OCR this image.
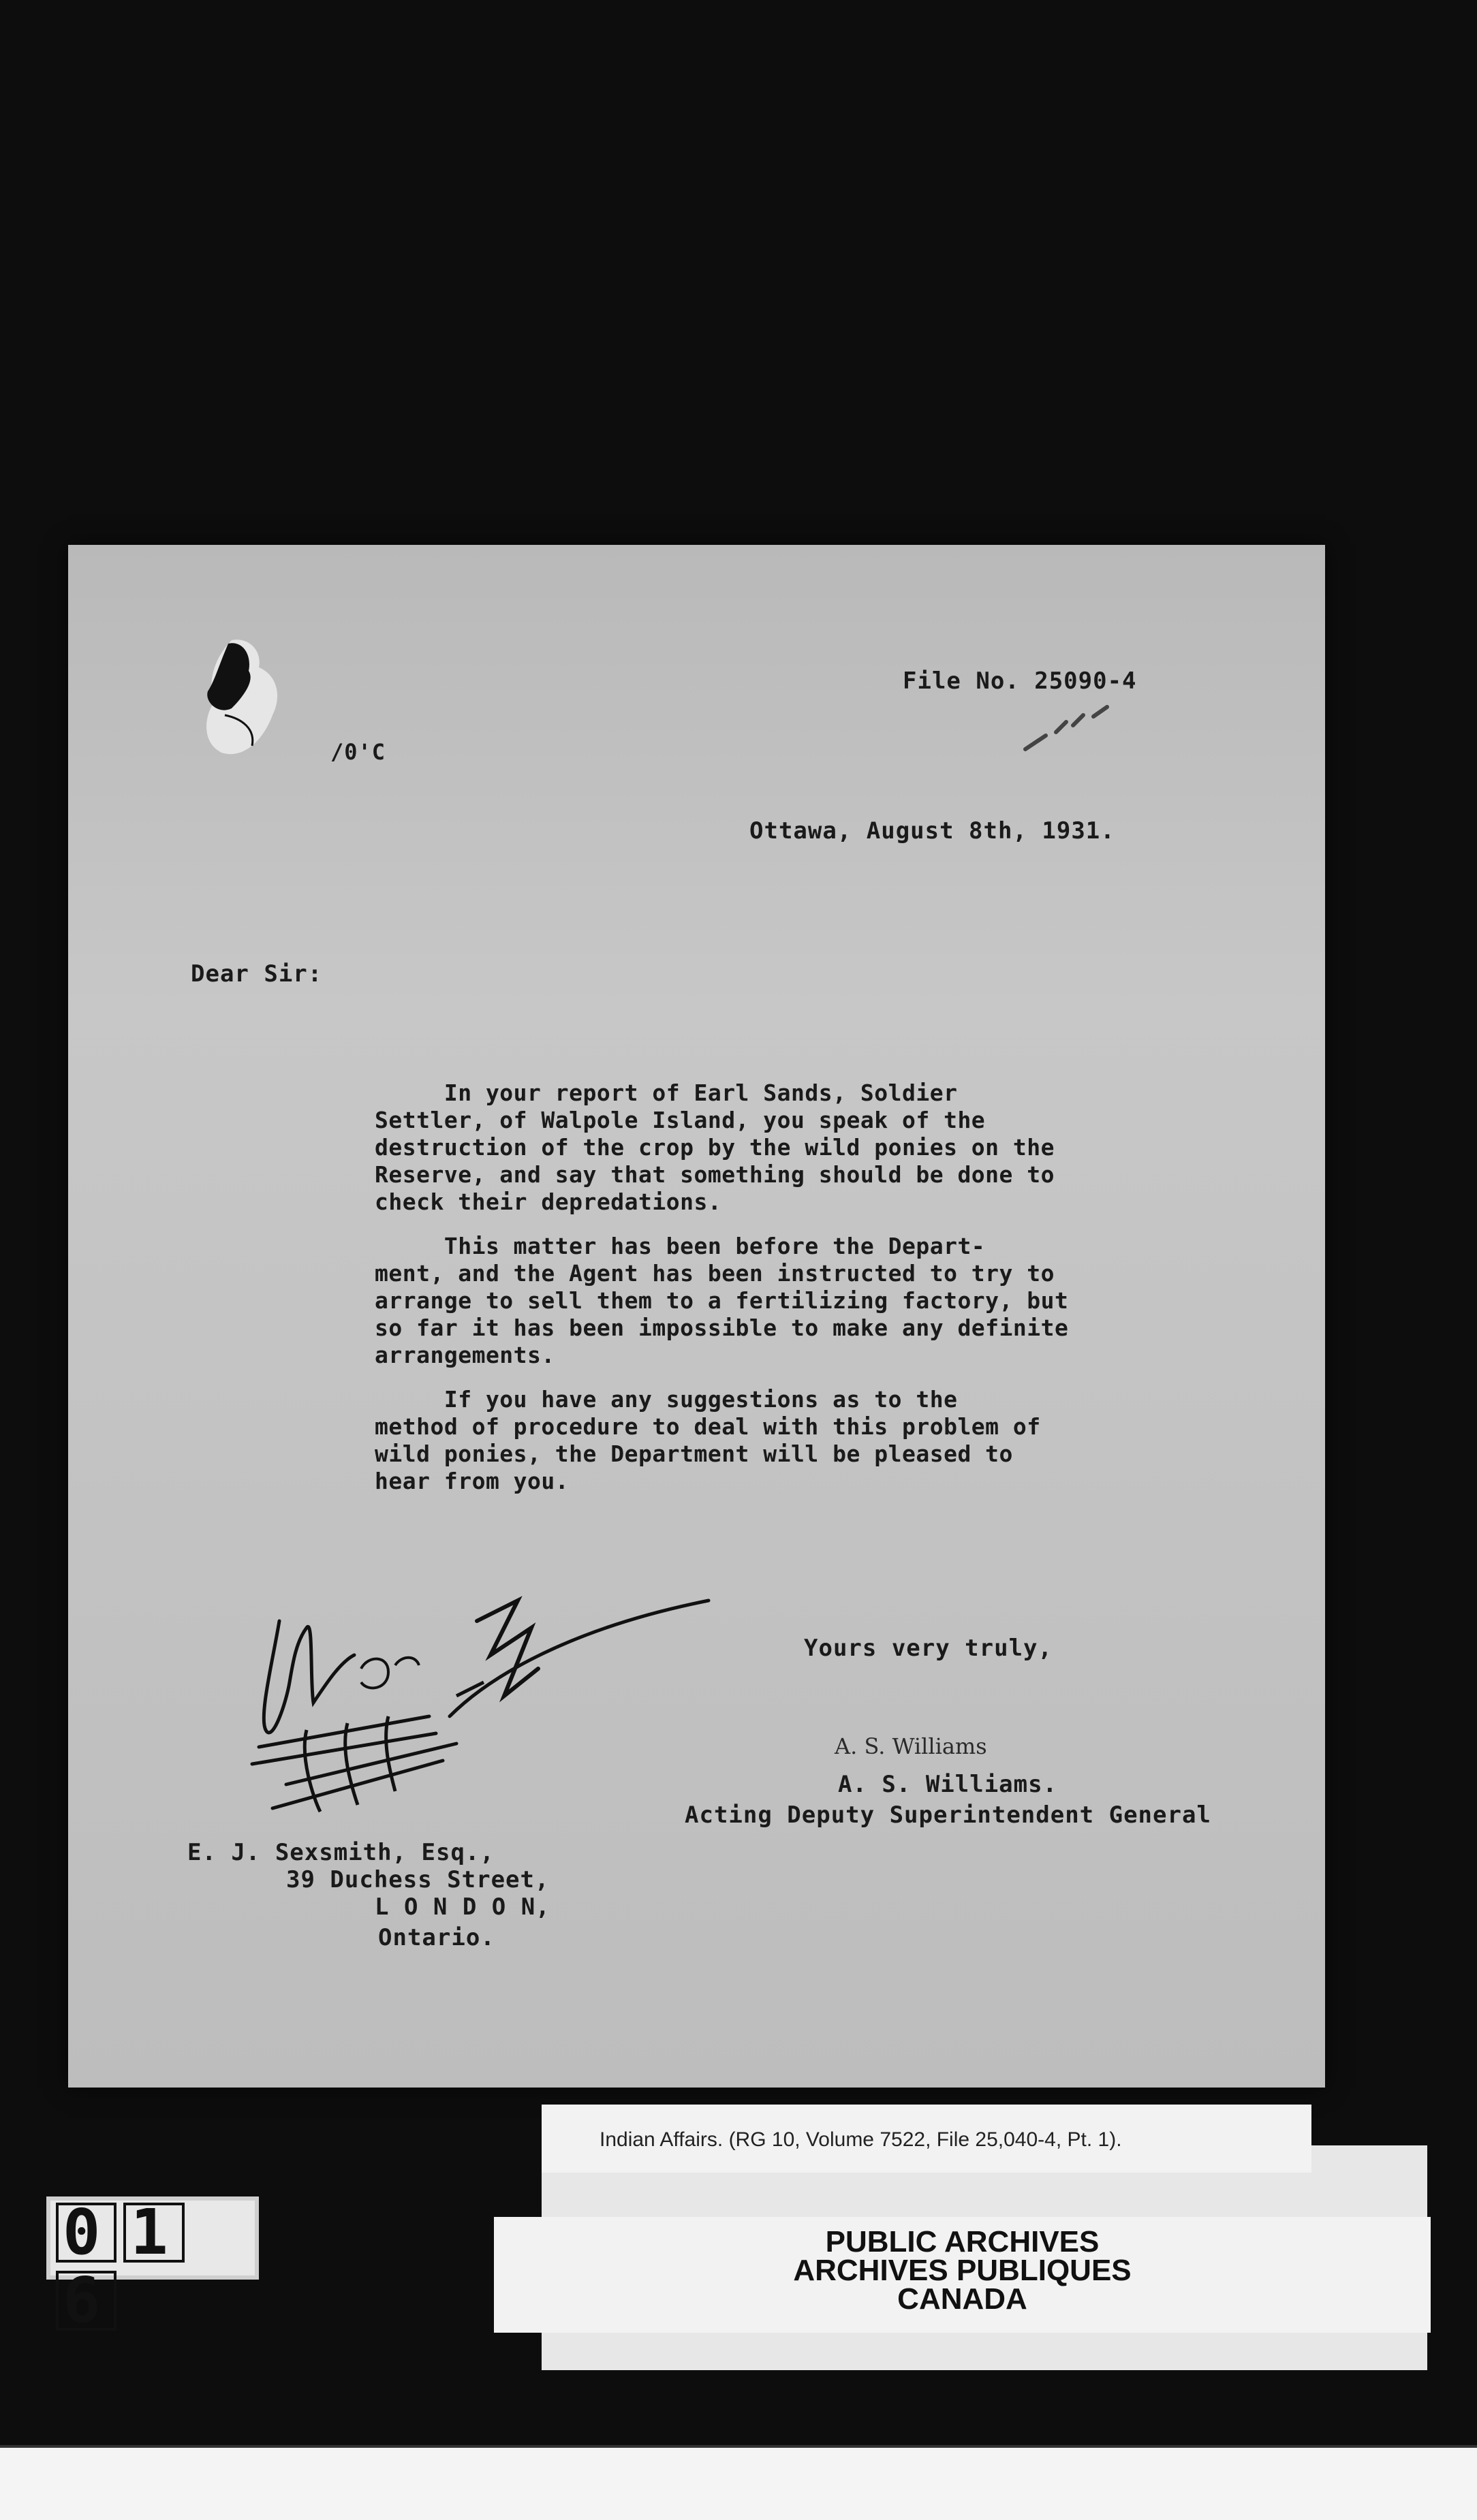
File No. 25090-4
/0'C
Ottawa, August 8th, 1931.
Dear Sir:
In your report of Earl Sands, Soldier
Settler, of Walpole Island, you speak of the
destruction of the crop by the wild ponies on the
Reserve, and say that something should be done to
check their depredations.
This matter has been before the Depart-
ment, and the Agent has been instructed to try to
arrange to sell them to a fertilizing factory, but
so far it has been impossible to make any definite
arrangements.
If you have any suggestions as to the
method of procedure to deal with this problem of
wild ponies, the Department will be pleased to
hear from you.
Yours very truly,
A. S. Williams
A. S. Williams.
Acting Deputy Superintendent General
E. J. Sexsmith, Esq.,
39 Duchess Street,
L O N D O N,
Ontario.
Indian Affairs. (RG 10, Volume 7522, File 25,040-4, Pt. 1).
PUBLIC ARCHIVES
ARCHIVES PUBLIQUES
CANADA
0 16
